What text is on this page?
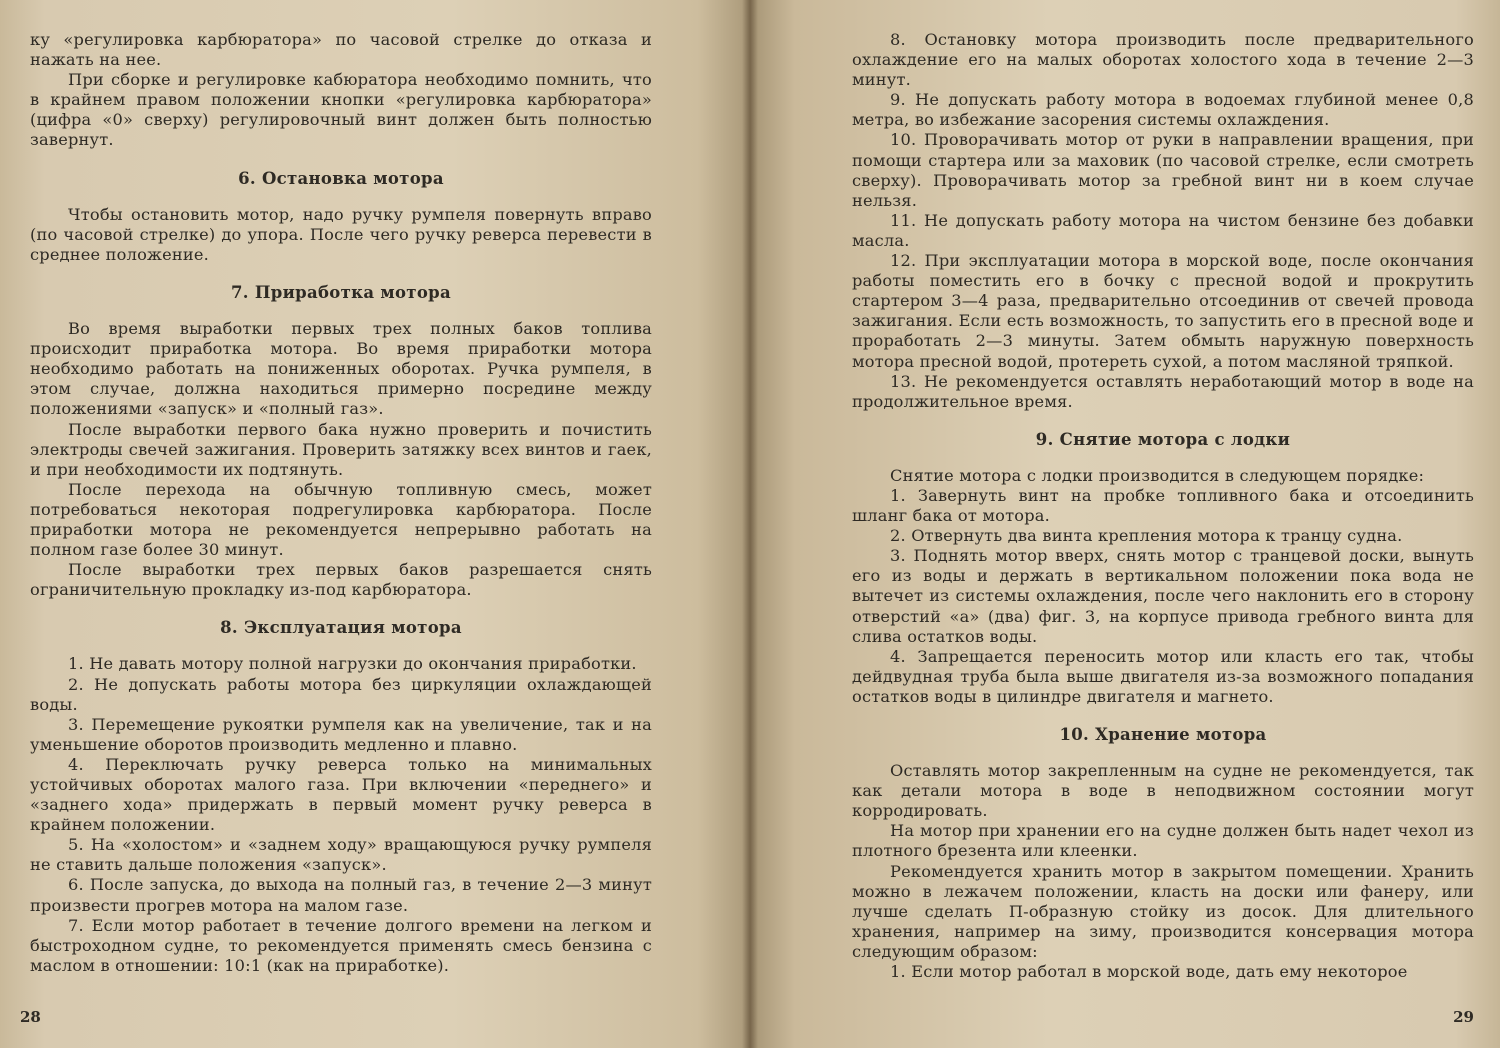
ку «регулировка карбюратора» по часовой стрелке до отказа и нажать на нее.

При сборке и регулировке кабюратора необходимо помнить, что в крайнем правом положении кнопки «регулировка карбюратора» (цифра «0» сверху) регулировочный винт должен быть полностью завернут.

6. Остановка мотора

Чтобы остановить мотор, надо ручку румпеля повернуть вправо (по часовой стрелке) до упора. После чего ручку реверса перевести в среднее положение.

7. Приработка мотора

Во время выработки первых трех полных баков топлива происходит приработка мотора. Во время приработки мотора необходимо работать на пониженных оборотах. Ручка румпеля, в этом случае, должна находиться примерно посредине между положениями «запуск» и «полный газ».

После выработки первого бака нужно проверить и почистить электроды свечей зажигания. Проверить затяжку всех винтов и гаек, и при необходимости их подтянуть.

После перехода на обычную топливную смесь, может потребоваться некоторая подрегулировка карбюратора. После приработки мотора не рекомендуется непрерывно работать на полном газе более 30 минут.

После выработки трех первых баков разрешается снять ограничительную прокладку из-под карбюратора.

8. Эксплуатация мотора

1. Не давать мотору полной нагрузки до окончания приработки.

2. Не допускать работы мотора без циркуляции охлаждающей воды.

3. Перемещение рукоятки румпеля как на увеличение, так и на уменьшение оборотов производить медленно и плавно.

4. Переключать ручку реверса только на минимальных устойчивых оборотах малого газа. При включении «переднего» и «заднего хода» придержать в первый момент ручку реверса в крайнем положении.

5. На «холостом» и «заднем ходу» вращающуюся ручку румпеля не ставить дальше положения «запуск».

6. После запуска, до выхода на полный газ, в течение 2—3 минут произвести прогрев мотора на малом газе.

7. Если мотор работает в течение долгого времени на легком и быстроходном судне, то рекомендуется применять смесь бензина с маслом в отношении: 10:1 (как на приработке).

28

8. Остановку мотора производить после предварительного охлаждение его на малых оборотах холостого хода в течение 2—3 минут.

9. Не допускать работу мотора в водоемах глубиной менее 0,8 метра, во избежание засорения системы охлаждения.

10. Проворачивать мотор от руки в направлении вращения, при помощи стартера или за маховик (по часовой стрелке, если смотреть сверху). Проворачивать мотор за гребной винт ни в коем случае нельзя.

11. Не допускать работу мотора на чистом бензине без добавки масла.

12. При эксплуатации мотора в морской воде, после окончания работы поместить его в бочку с пресной водой и прокрутить стартером 3—4 раза, предварительно отсоединив от свечей провода зажигания. Если есть возможность, то запустить его в пресной воде и проработать 2—3 минуты. Затем обмыть наружную поверхность мотора пресной водой, протереть сухой, а потом масляной тряпкой.

13. Не рекомендуется оставлять неработающий мотор в воде на продолжительное время.

9. Снятие мотора с лодки

Снятие мотора с лодки производится в следующем порядке:

1. Завернуть винт на пробке топливного бака и отсоединить шланг бака от мотора.

2. Отвернуть два винта крепления мотора к транцу судна.

3. Поднять мотор вверх, снять мотор с транцевой доски, вынуть его из воды и держать в вертикальном положении пока вода не вытечет из системы охлаждения, после чего наклонить его в сторону отверстий «а» (два) фиг. 3, на корпусе привода гребного винта для слива остатков воды.

4. Запрещается переносить мотор или класть его так, чтобы дейдвудная труба была выше двигателя из-за возможного попадания остатков воды в цилиндре двигателя и магнето.

10. Хранение мотора

Оставлять мотор закрепленным на судне не рекомендуется, так как детали мотора в воде в неподвижном состоянии могут корродировать.

На мотор при хранении его на судне должен быть надет чехол из плотного брезента или клеенки.

Рекомендуется хранить мотор в закрытом помещении. Хранить можно в лежачем положении, класть на доски или фанеру, или лучше сделать П-образную стойку из досок. Для длительного хранения, например на зиму, производится консервация мотора следующим образом:

1. Если мотор работал в морской воде, дать ему некоторое

29
